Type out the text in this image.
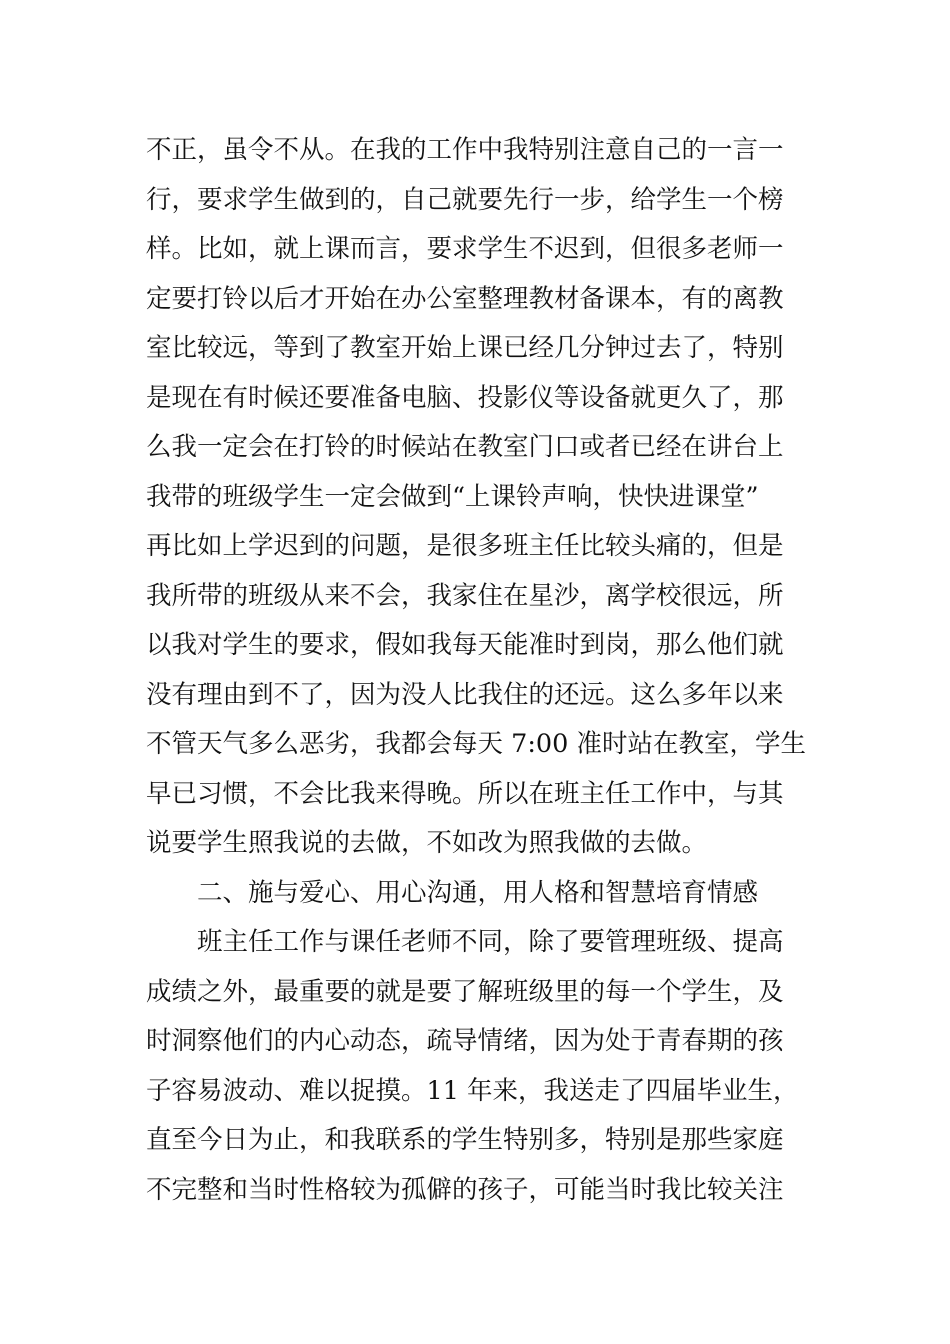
不正，虽令不从。在我的工作中我特别注意自己的一言一
行，要求学生做到的，自己就要先行一步，给学生一个榜
样。比如，就上课而言，要求学生不迟到，但很多老师一
定要打铃以后才开始在办公室整理教材备课本，有的离教
室比较远，等到了教室开始上课已经几分钟过去了，特别
是现在有时候还要准备电脑、投影仪等设备就更久了，那
么我一定会在打铃的时候站在教室门口或者已经在讲台上
我带的班级学生一定会做到“上课铃声响，快快进课堂”
再比如上学迟到的问题，是很多班主任比较头痛的，但是
我所带的班级从来不会，我家住在星沙，离学校很远，所
以我对学生的要求，假如我每天能准时到岗，那么他们就
没有理由到不了，因为没人比我住的还远。这么多年以来
不管天气多么恶劣，我都会每天 7:00 准时站在教室，学生
早已习惯，不会比我来得晚。所以在班主任工作中，与其
说要学生照我说的去做，不如改为照我做的去做。
二、施与爱心、用心沟通，用人格和智慧培育情感
班主任工作与课任老师不同，除了要管理班级、提高
成绩之外，最重要的就是要了解班级里的每一个学生，及
时洞察他们的内心动态，疏导情绪，因为处于青春期的孩
子容易波动、难以捉摸。11 年来，我送走了四届毕业生，
直至今日为止，和我联系的学生特别多，特别是那些家庭
不完整和当时性格较为孤僻的孩子，可能当时我比较关注
